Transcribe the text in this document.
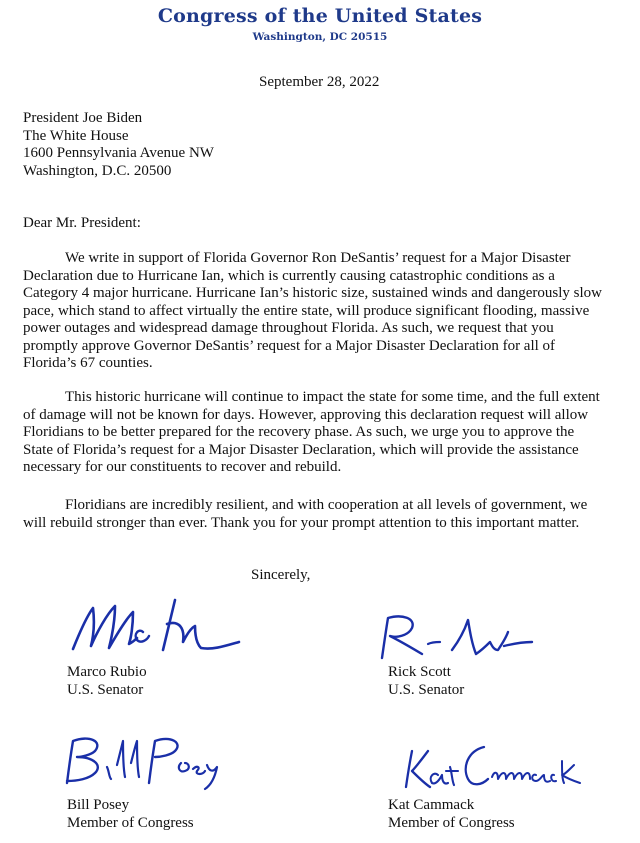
Congress of the United States
Washington, DC 20515
September 28, 2022
President Joe Biden
The White House
1600 Pennsylvania Avenue NW
Washington, D.C. 20500
Dear Mr. President:
We write in support of Florida Governor Ron DeSantis’ request for a Major Disaster
Declaration due to Hurricane Ian, which is currently causing catastrophic conditions as a
Category 4 major hurricane. Hurricane Ian’s historic size, sustained winds and dangerously slow
pace, which stand to affect virtually the entire state, will produce significant flooding, massive
power outages and widespread damage throughout Florida. As such, we request that you
promptly approve Governor DeSantis’ request for a Major Disaster Declaration for all of
Florida’s 67 counties.
This historic hurricane will continue to impact the state for some time, and the full extent
of damage will not be known for days. However, approving this declaration request will allow
Floridians to be better prepared for the recovery phase. As such, we urge you to approve the
State of Florida’s request for a Major Disaster Declaration, which will provide the assistance
necessary for our constituents to recover and rebuild.
Floridians are incredibly resilient, and with cooperation at all levels of government, we
will rebuild stronger than ever. Thank you for your prompt attention to this important matter.
Sincerely,
Marco Rubio
U.S. Senator
Rick Scott
U.S. Senator
Bill Posey
Member of Congress
Kat Cammack
Member of Congress
